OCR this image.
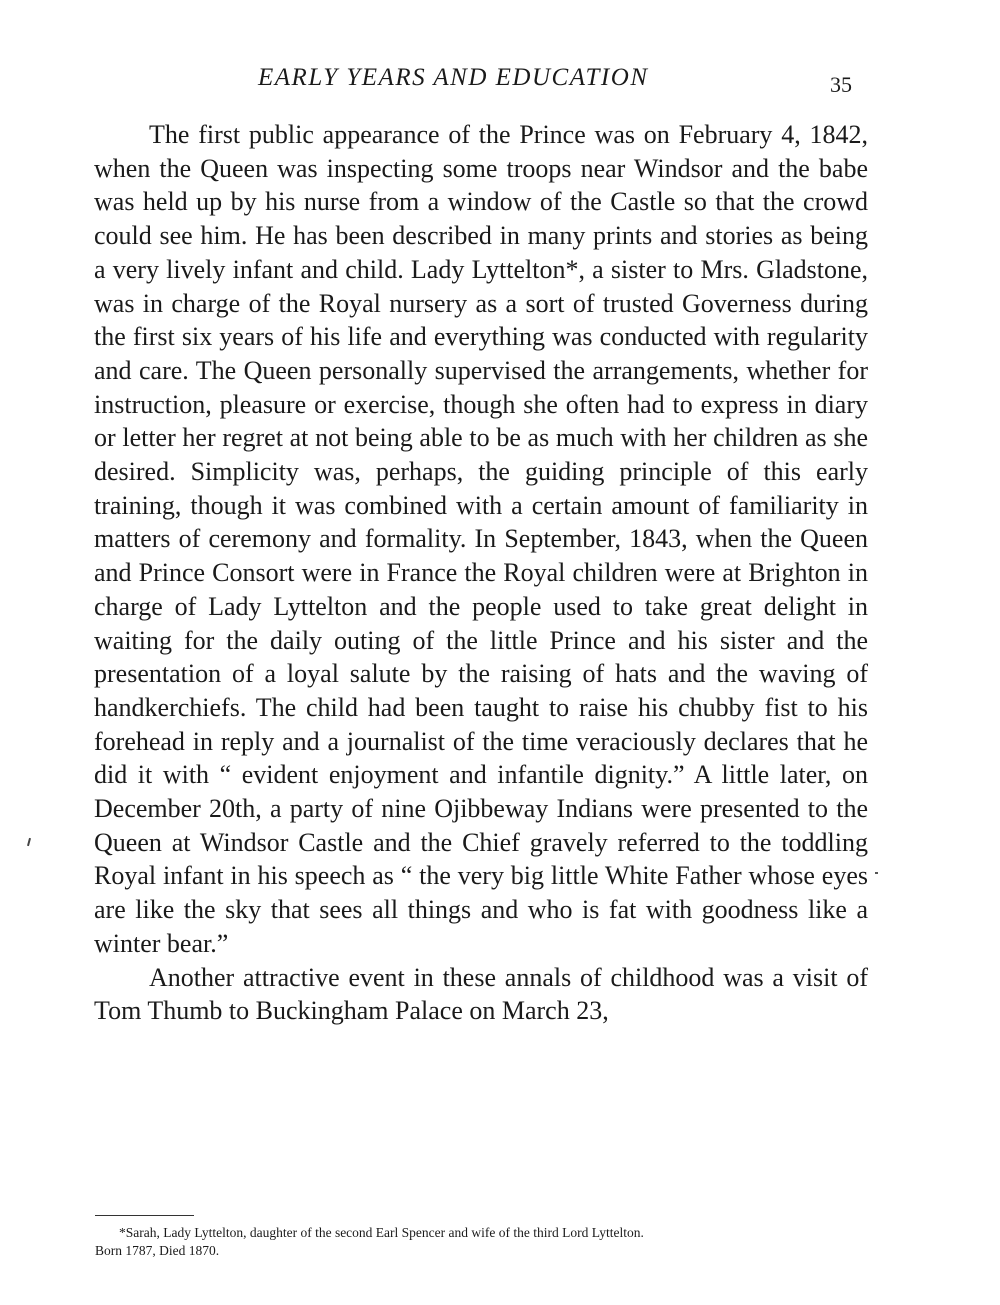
EARLY YEARS AND EDUCATION	35

The first public appearance of the Prince was on February 4, 1842, when the Queen was inspecting some troops near Windsor and the babe was held up by his nurse from a window of the Castle so that the crowd could see him. He has been described in many prints and stories as being a very lively infant and child. Lady Lyttelton*, a sister to Mrs. Gladstone, was in charge of the Royal nursery as a sort of trusted Governess during the first six years of his life and everything was conducted with regularity and care. The Queen personally supervised the arrangements, whether for instruction, pleasure or exercise, though she often had to express in diary or letter her regret at not being able to be as much with her children as she desired. Simplicity was, perhaps, the guiding principle of this early training, though it was combined with a certain amount of familiarity in matters of ceremony and formality. In September, 1843, when the Queen and Prince Consort were in France the Royal children were at Brighton in charge of Lady Lyttelton and the people used to take great delight in waiting for the daily outing of the little Prince and his sister and the presentation of a loyal salute by the raising of hats and the waving of handkerchiefs. The child had been taught to raise his chubby fist to his forehead in reply and a journalist of the time veraciously declares that he did it with “ evident enjoyment and infantile dignity.” A little later, on December 20th, a party of nine Ojibbeway Indians were presented to the Queen at Windsor Castle and the Chief gravely referred to the toddling Royal infant in his speech as “ the very big little White Father whose eyes are like the sky that sees all things and who is fat with goodness like a winter bear.”

Another attractive event in these annals of childhood was a visit of Tom Thumb to Buckingham Palace on March 23,

*Sarah, Lady Lyttelton, daughter of the second Earl Spencer and wife of the third Lord Lyttelton.
Born 1787, Died 1870.
